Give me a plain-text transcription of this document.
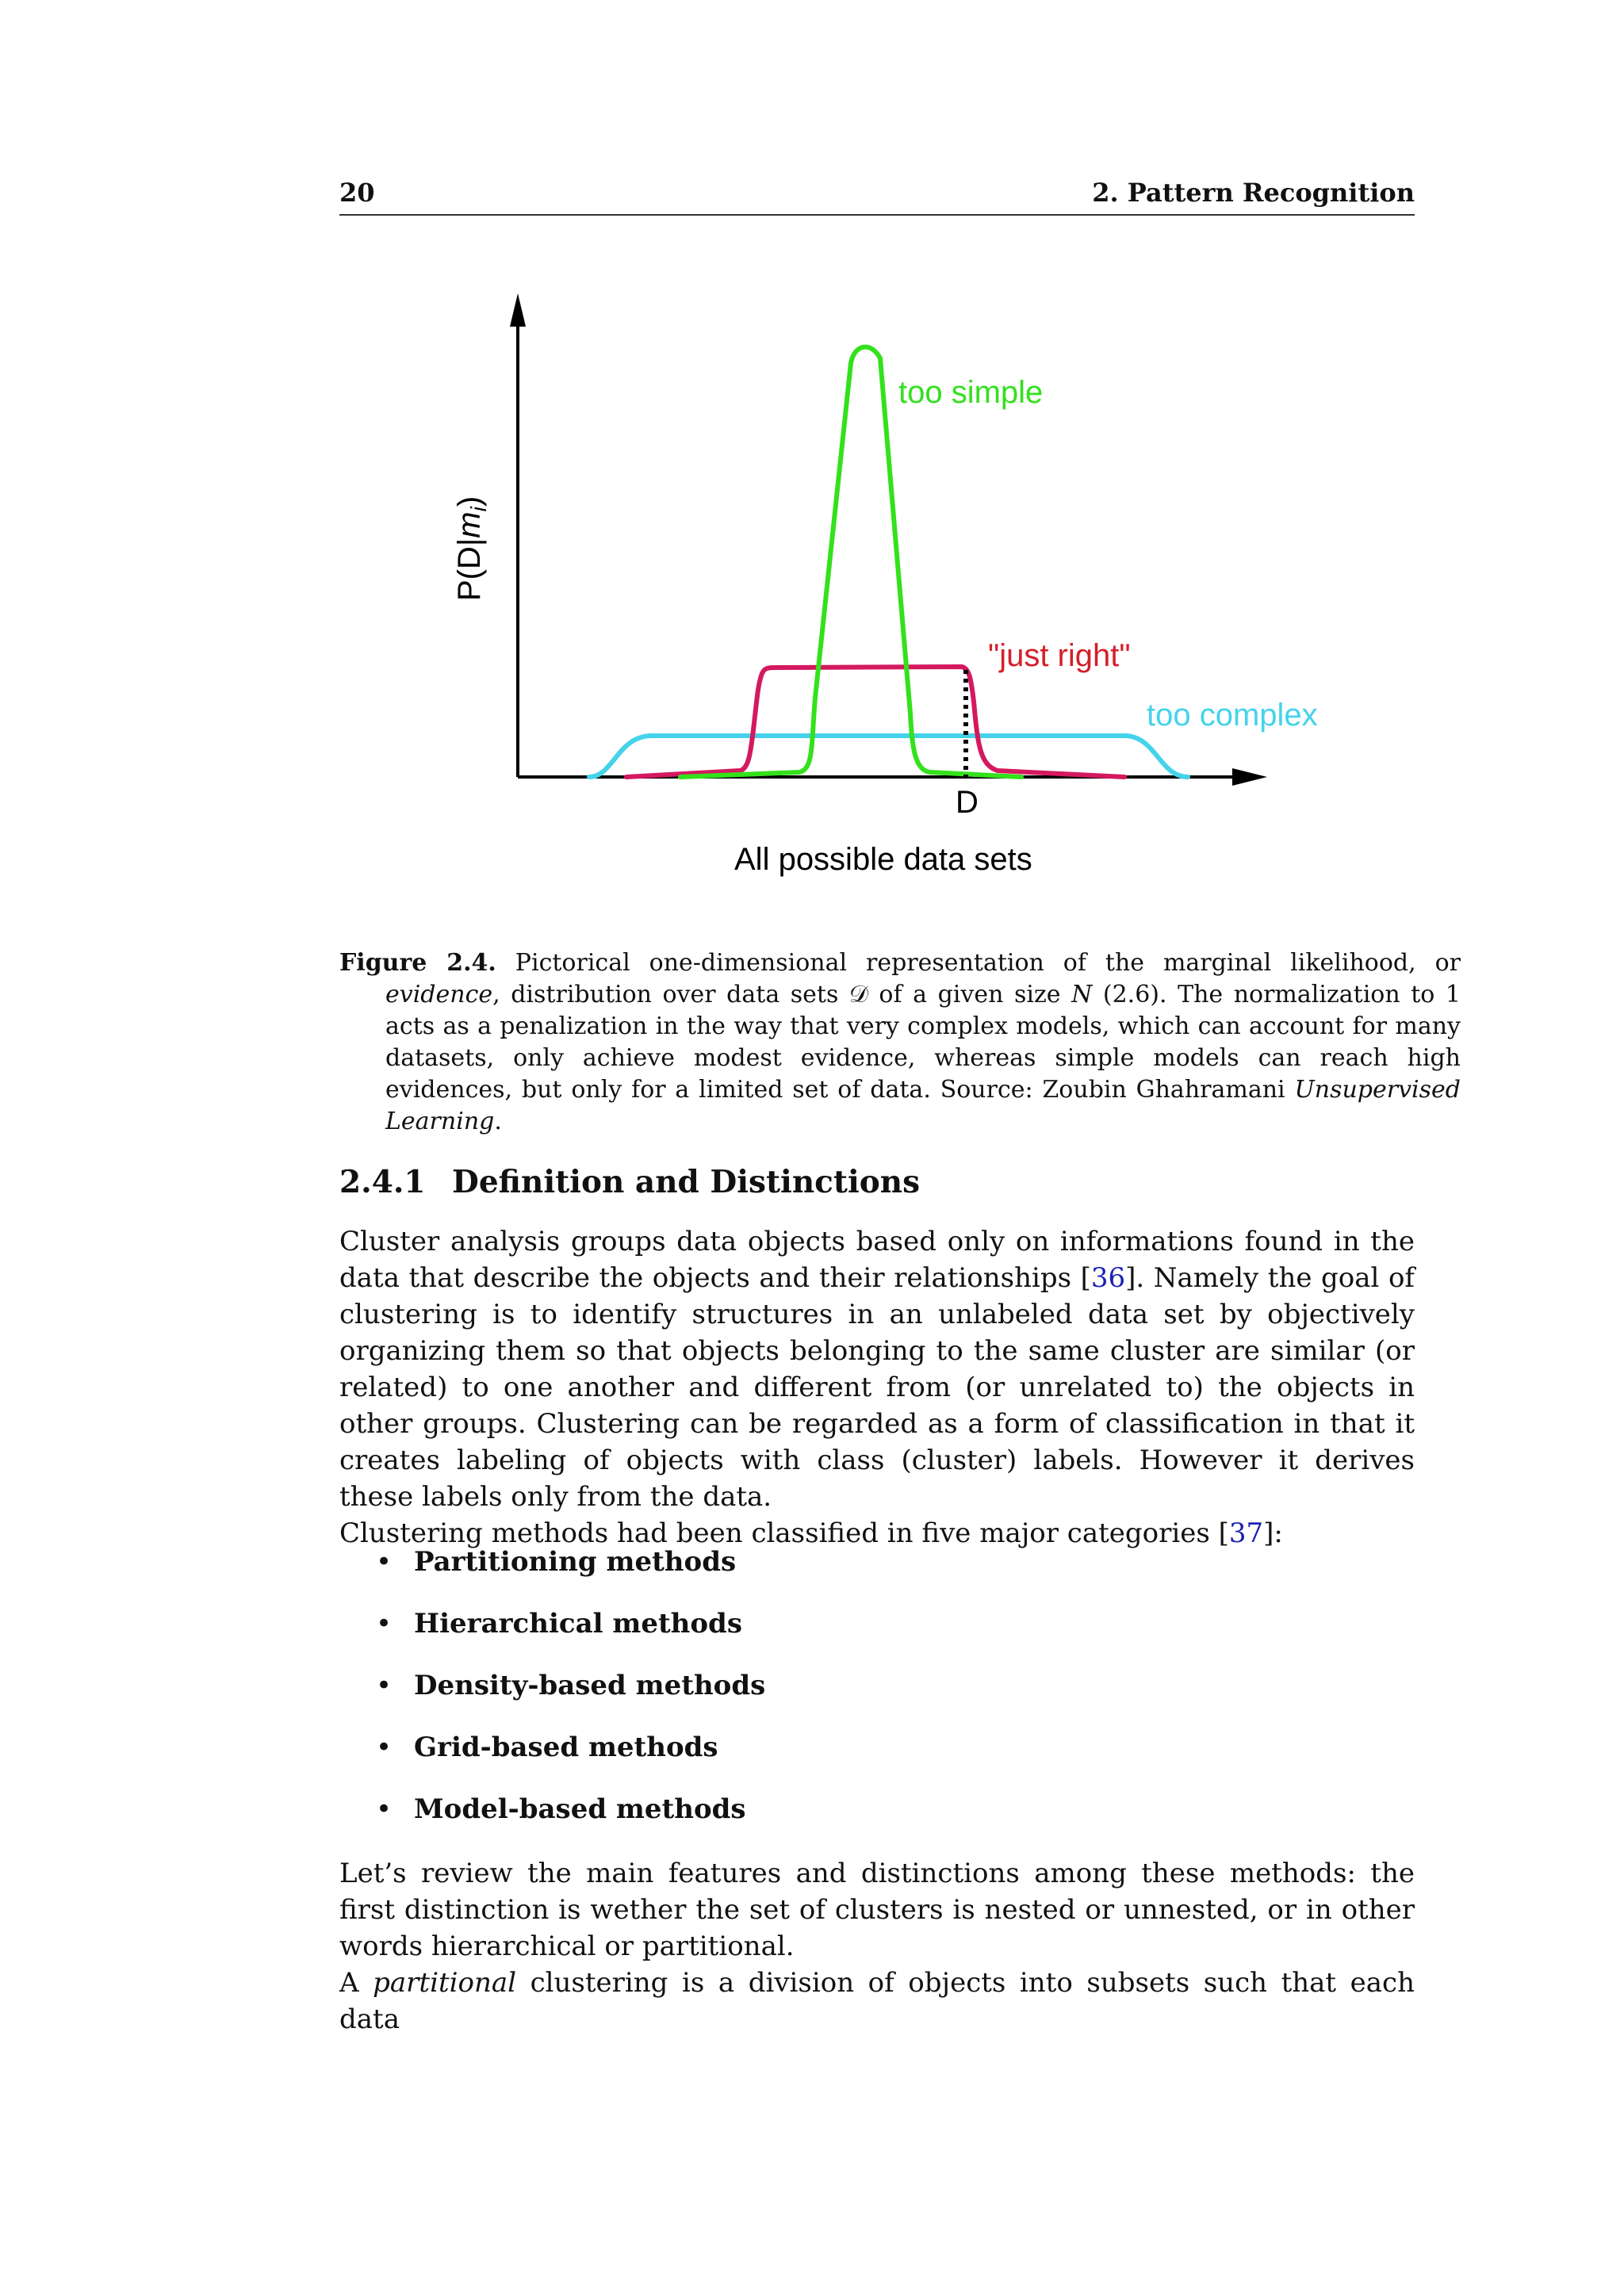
20	2. Pattern Recognition
too simple
"just right"
too complex
D
All possible data sets
$P(D|m_i)$
Figure 2.4. Pictorical one-dimensional representation of the marginal likelihood, or evidence, distribution over data sets 𝒟 of a given size N (2.6). The normalization to 1 acts as a penalization in the way that very complex models, which can account for many datasets, only achieve modest evidence, whereas simple models can reach high evidences, but only for a limited set of data. Source: Zoubin Ghahramani Unsupervised Learning.
2.4.1 Definition and Distinctions

Cluster analysis groups data objects based only on informations found in the data that describe the objects and their relationships [36]. Namely the goal of clustering is to identify structures in an unlabeled data set by objectively organizing them so that objects belonging to the same cluster are similar (or related) to one another and different from (or unrelated to) the objects in other groups. Clustering can be regarded as a form of classification in that it creates labeling of objects with class (cluster) labels. However it derives these labels only from the data.

Clustering methods had been classified in five major categories [37]:

• Partitioning methods
• Hierarchical methods
• Density-based methods
• Grid-based methods
• Model-based methods

Let’s review the main features and distinctions among these methods: the first distinction is wether the set of clusters is nested or unnested, or in other words hierarchical or partitional.

A partitional clustering is a division of objects into subsets such that each data
